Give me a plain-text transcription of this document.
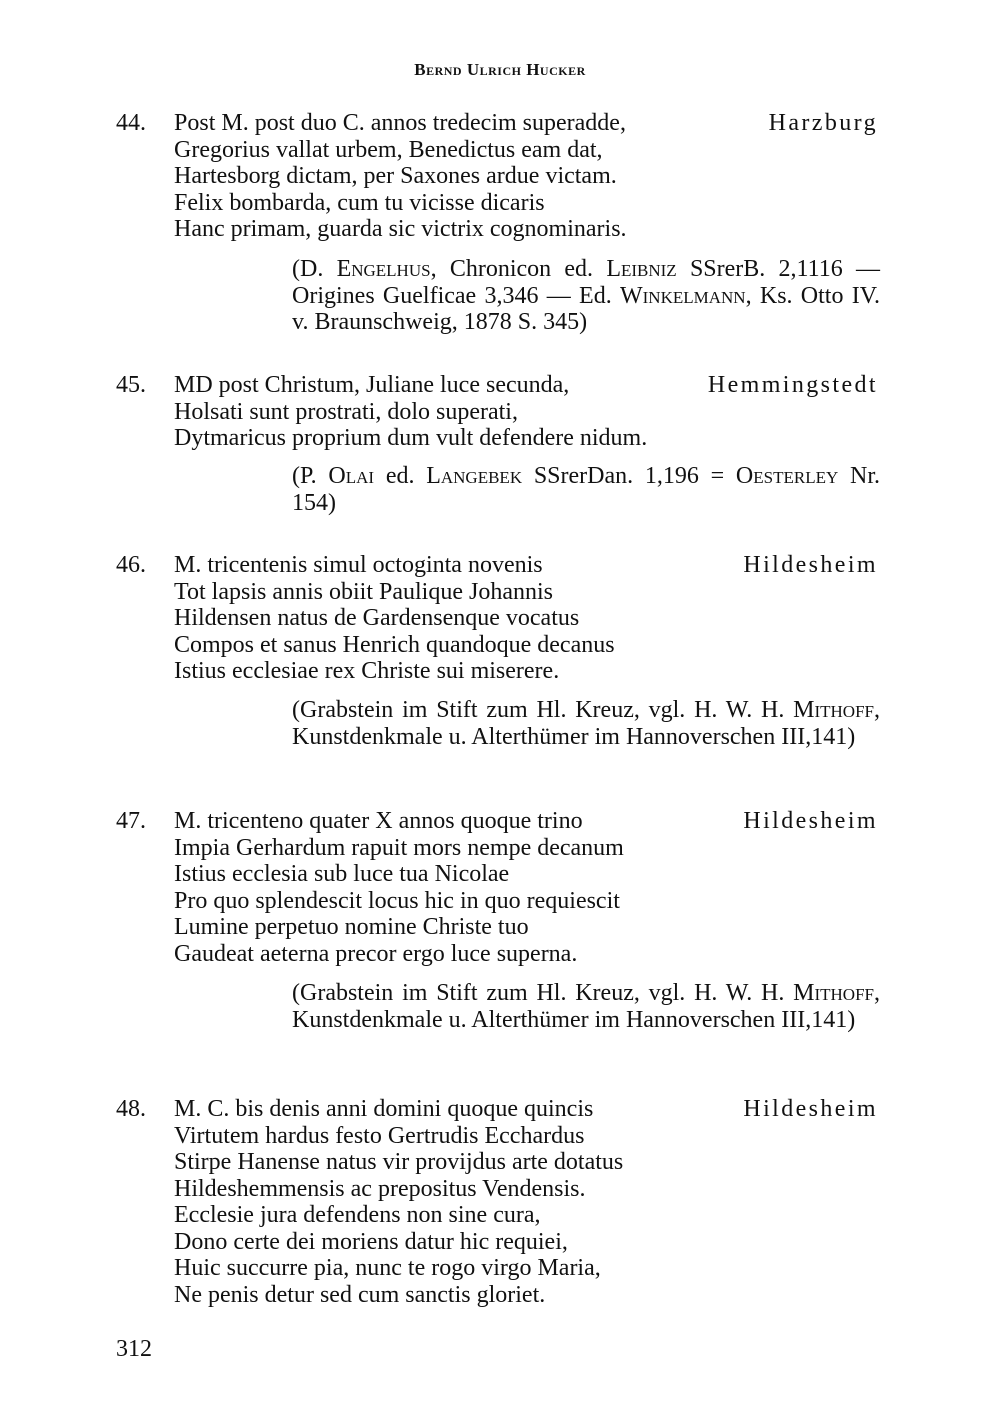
Bernd Ulrich Hucker
44.	Harzburg
Post M. post duo C. annos tredecim superadde,
Gregorius vallat urbem, Benedictus eam dat,
Hartesborg dictam, per Saxones ardue victam.
Felix bombarda, cum tu vicisse dicaris
Hanc primam, guarda sic victrix cognominaris.
(D. Engelhus, Chronicon ed. Leibniz SSrerB. 2,1116 — Origines Guelficae 3,346 — Ed. Winkelmann, Ks. Otto IV. v. Braunschweig, 1878 S. 345)
45.	Hemmingstedt
MD post Christum, Juliane luce secunda,
Holsati sunt prostrati, dolo superati,
Dytmaricus proprium dum vult defendere nidum.
(P. Olai ed. Langebek SSrerDan. 1,196 = Oesterley Nr. 154)
46.	Hildesheim
M. tricentenis simul octoginta novenis
Tot lapsis annis obiit Paulique Johannis
Hildensen natus de Gardensenque vocatus
Compos et sanus Henrich quandoque decanus
Istius ecclesiae rex Christe sui miserere.
(Grabstein im Stift zum Hl. Kreuz, vgl. H. W. H. Mithoff, Kunstdenkmale u. Alterthümer im Hannoverschen III,141)
47.	Hildesheim
M. tricenteno quater X annos quoque trino
Impia Gerhardum rapuit mors nempe decanum
Istius ecclesia sub luce tua Nicolae
Pro quo splendescit locus hic in quo requiescit
Lumine perpetuo nomine Christe tuo
Gaudeat aeterna precor ergo luce superna.
(Grabstein im Stift zum Hl. Kreuz, vgl. H. W. H. Mithoff, Kunstdenkmale u. Alterthümer im Hannoverschen III,141)
48.	Hildesheim
M. C. bis denis anni domini quoque quincis
Virtutem hardus festo Gertrudis Ecchardus
Stirpe Hanense natus vir provijdus arte dotatus
Hildeshemmensis ac prepositus Vendensis.
Ecclesie jura defendens non sine cura,
Dono certe dei moriens datur hic requiei,
Huic succurre pia, nunc te rogo virgo Maria,
Ne penis detur sed cum sanctis gloriet.
312
